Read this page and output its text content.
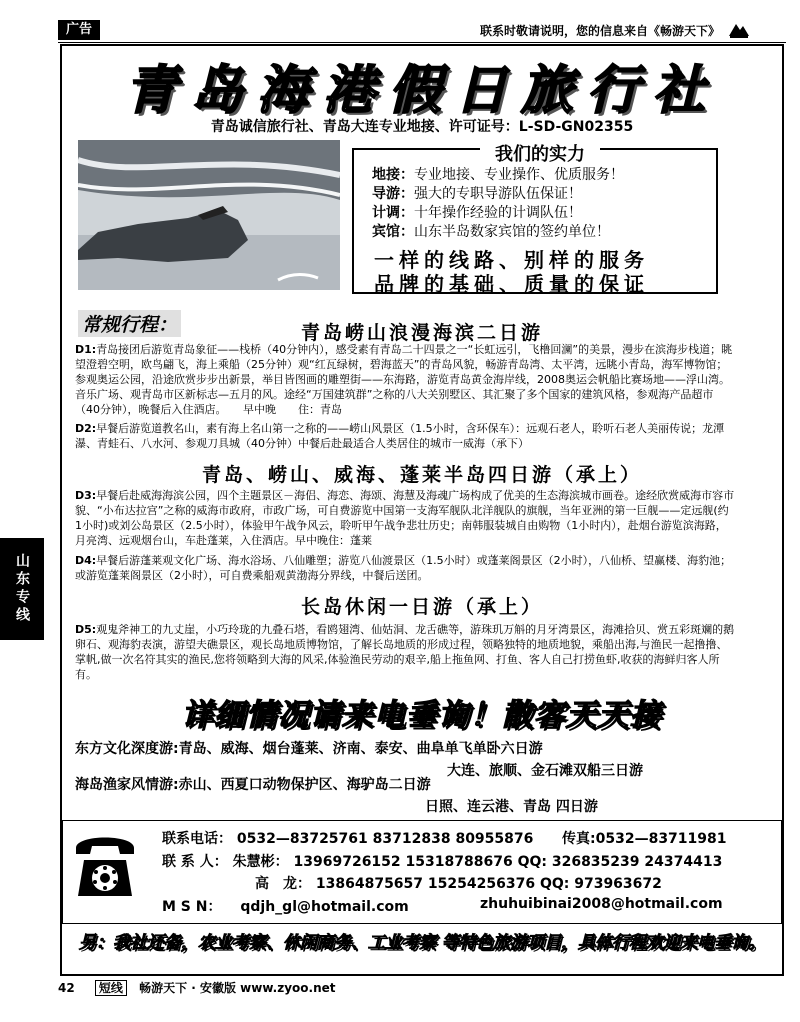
广告	联系时敬请说明，您的信息来自《畅游天下》
青岛海港假日旅行社
青岛诚信旅行社、青岛大连专业地接、许可证号：L-SD-GN02355
我们的实力
地接：专业地接、专业操作、优质服务！
导游：强大的专职导游队伍保证！
计调：十年操作经验的计调队伍！
宾馆：山东半岛数家宾馆的签约单位！
一样的线路、别样的服务
品牌的基础、质量的保证
常规行程：	青岛崂山浪漫海滨二日游
D1:青岛接团后游览青岛象征——栈桥（40分钟内），感受素有青岛二十四景之一“长虹远引，飞橹回澜”的美景，漫步在滨海步栈道；眺望澄碧空明，欧鸟翩飞，海上乘船（25分钟）观“红瓦绿树，碧海蓝天”的青岛风貌，畅游青岛湾、太平湾，远眺小青岛，海军博物馆；参观奥运公园，沿途欣赏步步出新景，举目皆图画的雕塑街——东海路，游览青岛黄金海岸线，2008奥运会帆船比赛场地——浮山湾。音乐广场、观青岛市区新标志—五月的风。途经“万国建筑群”之称的八大关别墅区、其汇聚了多个国家的建筑风格，参观海产品超市（40分钟），晚餐后入住酒店。　　早中晚　　住：青岛
D2:早餐后游览道教名山，素有海上名山第一之称的——崂山风景区（1.5小时，含环保车）：远观石老人，聆听石老人美丽传说；龙潭瀑、青蛙石、八水河、参观刀具城（40分钟）中餐后赴最适合人类居住的城市一威海（承下）
青岛、崂山、威海、蓬莱半岛四日游（承上）
D3:早餐后赴威海海滨公园，四个主题景区－海侣、海恋、海颂、海慧及海魂广场构成了优美的生态海滨城市画卷。途经欣赏威海市容市貌、“小布达拉宫”之称的威海市政府，市政广场，可自费游览中国第一支海军舰队北洋舰队的旗舰，当年亚洲的第一巨舰——定远舰(约1小时)或刘公岛景区（2.5小时），体验甲午战争风云，聆听甲午战争悲壮历史；南韩服装城自由购物（1小时内），赴烟台游览滨海路，月亮湾、远观烟台山，车赴蓬莱，入住酒店。早中晚住：蓬莱
D4:早餐后游蓬莱观文化广场、海水浴场、八仙雕塑；游览八仙渡景区（1.5小时）或蓬莱阁景区（2小时），八仙桥、望赢楼、海豹池；或游览蓬莱阁景区（2小时），可自费乘船观黄渤海分界线，中餐后送团。
长岛休闲一日游（承上）
D5:观鬼斧神工的九丈崖，小巧玲珑的九叠石塔，看鸥翅湾、仙姑洞、龙舌礁等，游珠玑万斛的月牙湾景区，海滩拾贝、赏五彩斑斓的鹅卵石、观海豹表演，游望夫礁景区，观长岛地质博物馆，了解长岛地质的形成过程，领略独特的地质地貌，乘船出海,与渔民一起撸撸、掌帆,做一次名符其实的渔民,您将领略到大海的风采,体验渔民劳动的艰辛,船上拖鱼网、打鱼、客人自己打捞鱼虾,收获的海鲜归客人所有。
山东专线
详细情况请来电垂询！散客天天接
东方文化深度游:青岛、威海、烟台蓬莱、济南、泰安、曲阜单飞单卧六日游
大连、旅顺、金石滩双船三日游
海岛渔家风情游:赤山、西夏口动物保护区、海驴岛二日游
日照、连云港、青岛 四日游
联系电话： 0532—83725761 83712838 80955876 传真:0532—83711981
联 系 人： 朱慧彬： 13969726152 15318788676 QQ: 326835239 24374413
高　龙： 13864875657 15254256376 QQ: 973963672
M S N： qdjh_gl@hotmail.com	zhuhuibinai2008@hotmail.com
另：我社还备，农业考察、休闲商务、工业考察 等特色旅游项目，具体行程欢迎来电垂询。
42 短线 畅游天下 · 安徽版 www.zyoo.net
